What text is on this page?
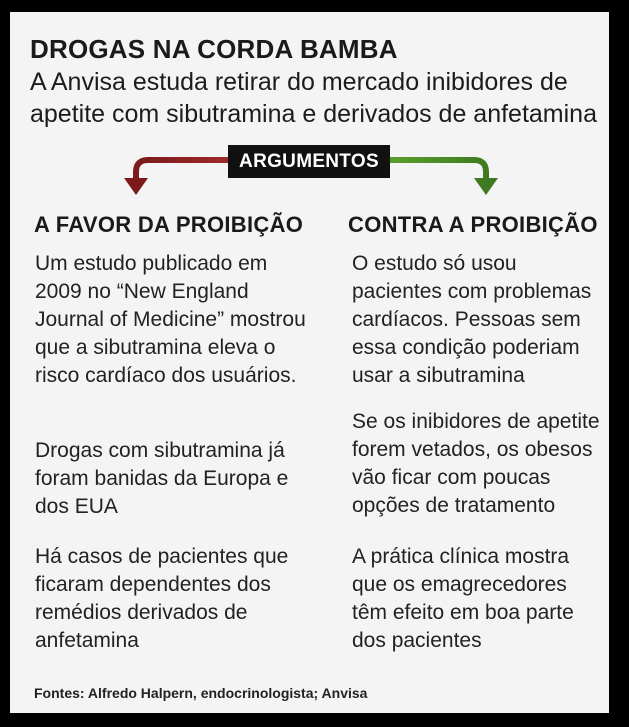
DROGAS NA CORDA BAMBA
A Anvisa estuda retirar do mercado inibidores de apetite com sibutramina e derivados de anfetamina
ARGUMENTOS
A FAVOR DA PROIBIÇÃO CONTRA A PROIBIÇÃO
Um estudo publicado em 2009 no “New England Journal of Medicine” mostrou que a sibutramina eleva o risco cardíaco dos usuários.
Drogas com sibutramina já foram banidas da Europa e dos EUA
Há casos de pacientes que ficaram dependentes dos remédios derivados de anfetamina
O estudo só usou pacientes com problemas cardíacos. Pessoas sem essa condição poderiam usar a sibutramina
Se os inibidores de apetite forem vetados, os obesos vão ficar com poucas opções de tratamento
A prática clínica mostra que os emagrecedores têm efeito em boa parte dos pacientes
Fontes: Alfredo Halpern, endocrinologista; Anvisa
